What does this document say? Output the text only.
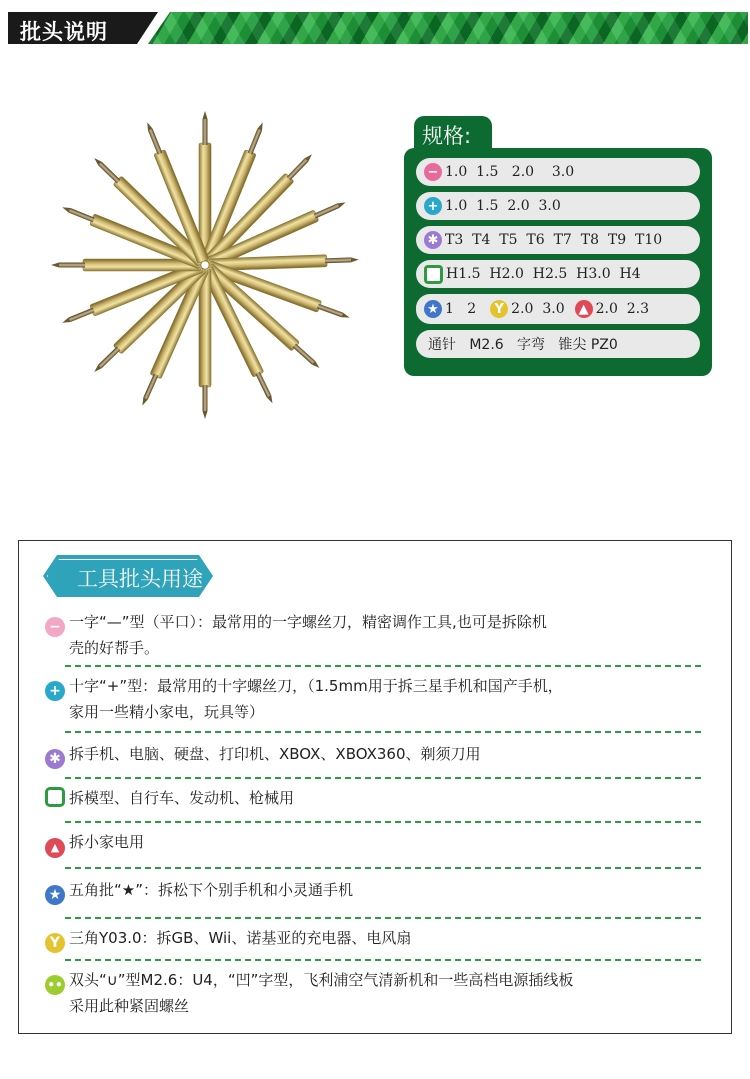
批头说明
规格:
− 1.0  1.5   2.0    3.0
+ 1.0  1.5  2.0  3.0
✱ T3  T4  T5  T6  T7  T8  T9  T10
H1.5  H2.0  H2.5  H3.0  H4
★ 1   2	Y 2.0  3.0	▲ 2.0  2.3
通针   M2.6   字弯   锥尖 PZ0
工具批头用途
− 一字“—”型（平口）：最常用的一字螺丝刀，精密调作工具,也可是拆除机
壳的好帮手。
+ 十字“+”型：最常用的十字螺丝刀，（1.5mm用于拆三星手机和国产手机，
家用一些精小家电，玩具等）
✱ 拆手机、电脑、硬盘、打印机、XBOX、XBOX360、剃须刀用
拆模型、自行车、发动机、枪械用
▲ 拆小家电用
★ 五角批“★”：拆松下个别手机和小灵通手机
Y 三角Y03.0：拆GB、Wii、诺基亚的充电器、电风扇
•• 双头“∪”型M2.6：U4，“凹”字型，飞利浦空气清新机和一些高档电源插线板
采用此种紧固螺丝
